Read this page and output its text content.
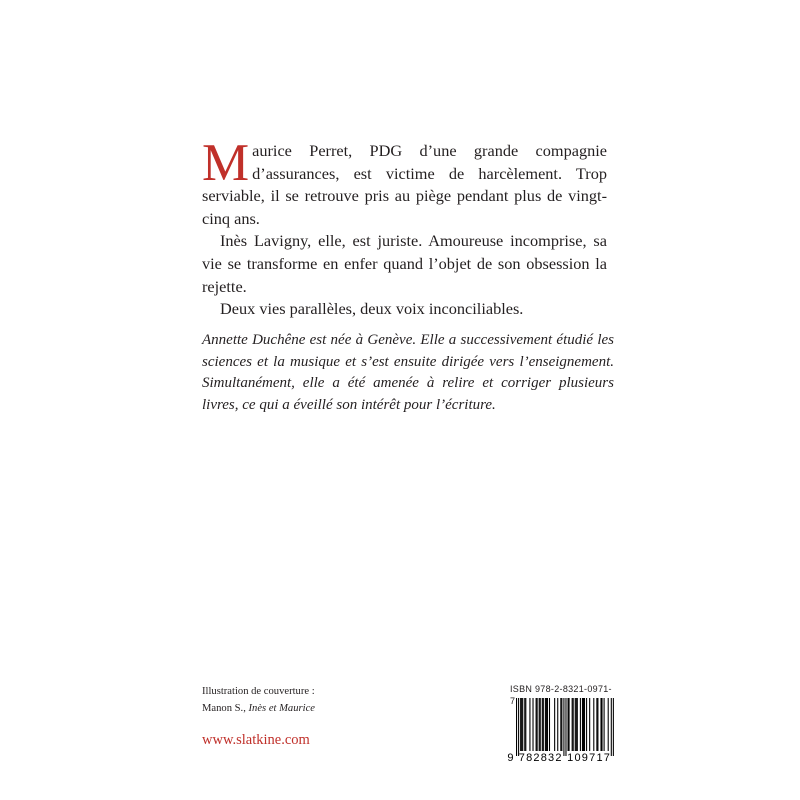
Maurice Perret, PDG d’une grande compagnie d’assurances, est victime de harcèlement. Trop serviable, il se retrouve pris au piège pendant plus de vingt-cinq ans.

Inès Lavigny, elle, est juriste. Amoureuse incomprise, sa vie se transforme en enfer quand l’objet de son obsession la rejette.

Deux vies parallèles, deux voix inconciliables.

Annette Duchêne est née à Genève. Elle a successivement étudié les sciences et la musique et s’est ensuite dirigée vers l’enseignement. Simultanément, elle a été amenée à relire et corriger plusieurs livres, ce qui a éveillé son intérêt pour l’écriture.
Illustration de couverture :
Manon S., Inès et Maurice
www.slatkine.com
ISBN 978-2-8321-0971-7
9 782832 109717
